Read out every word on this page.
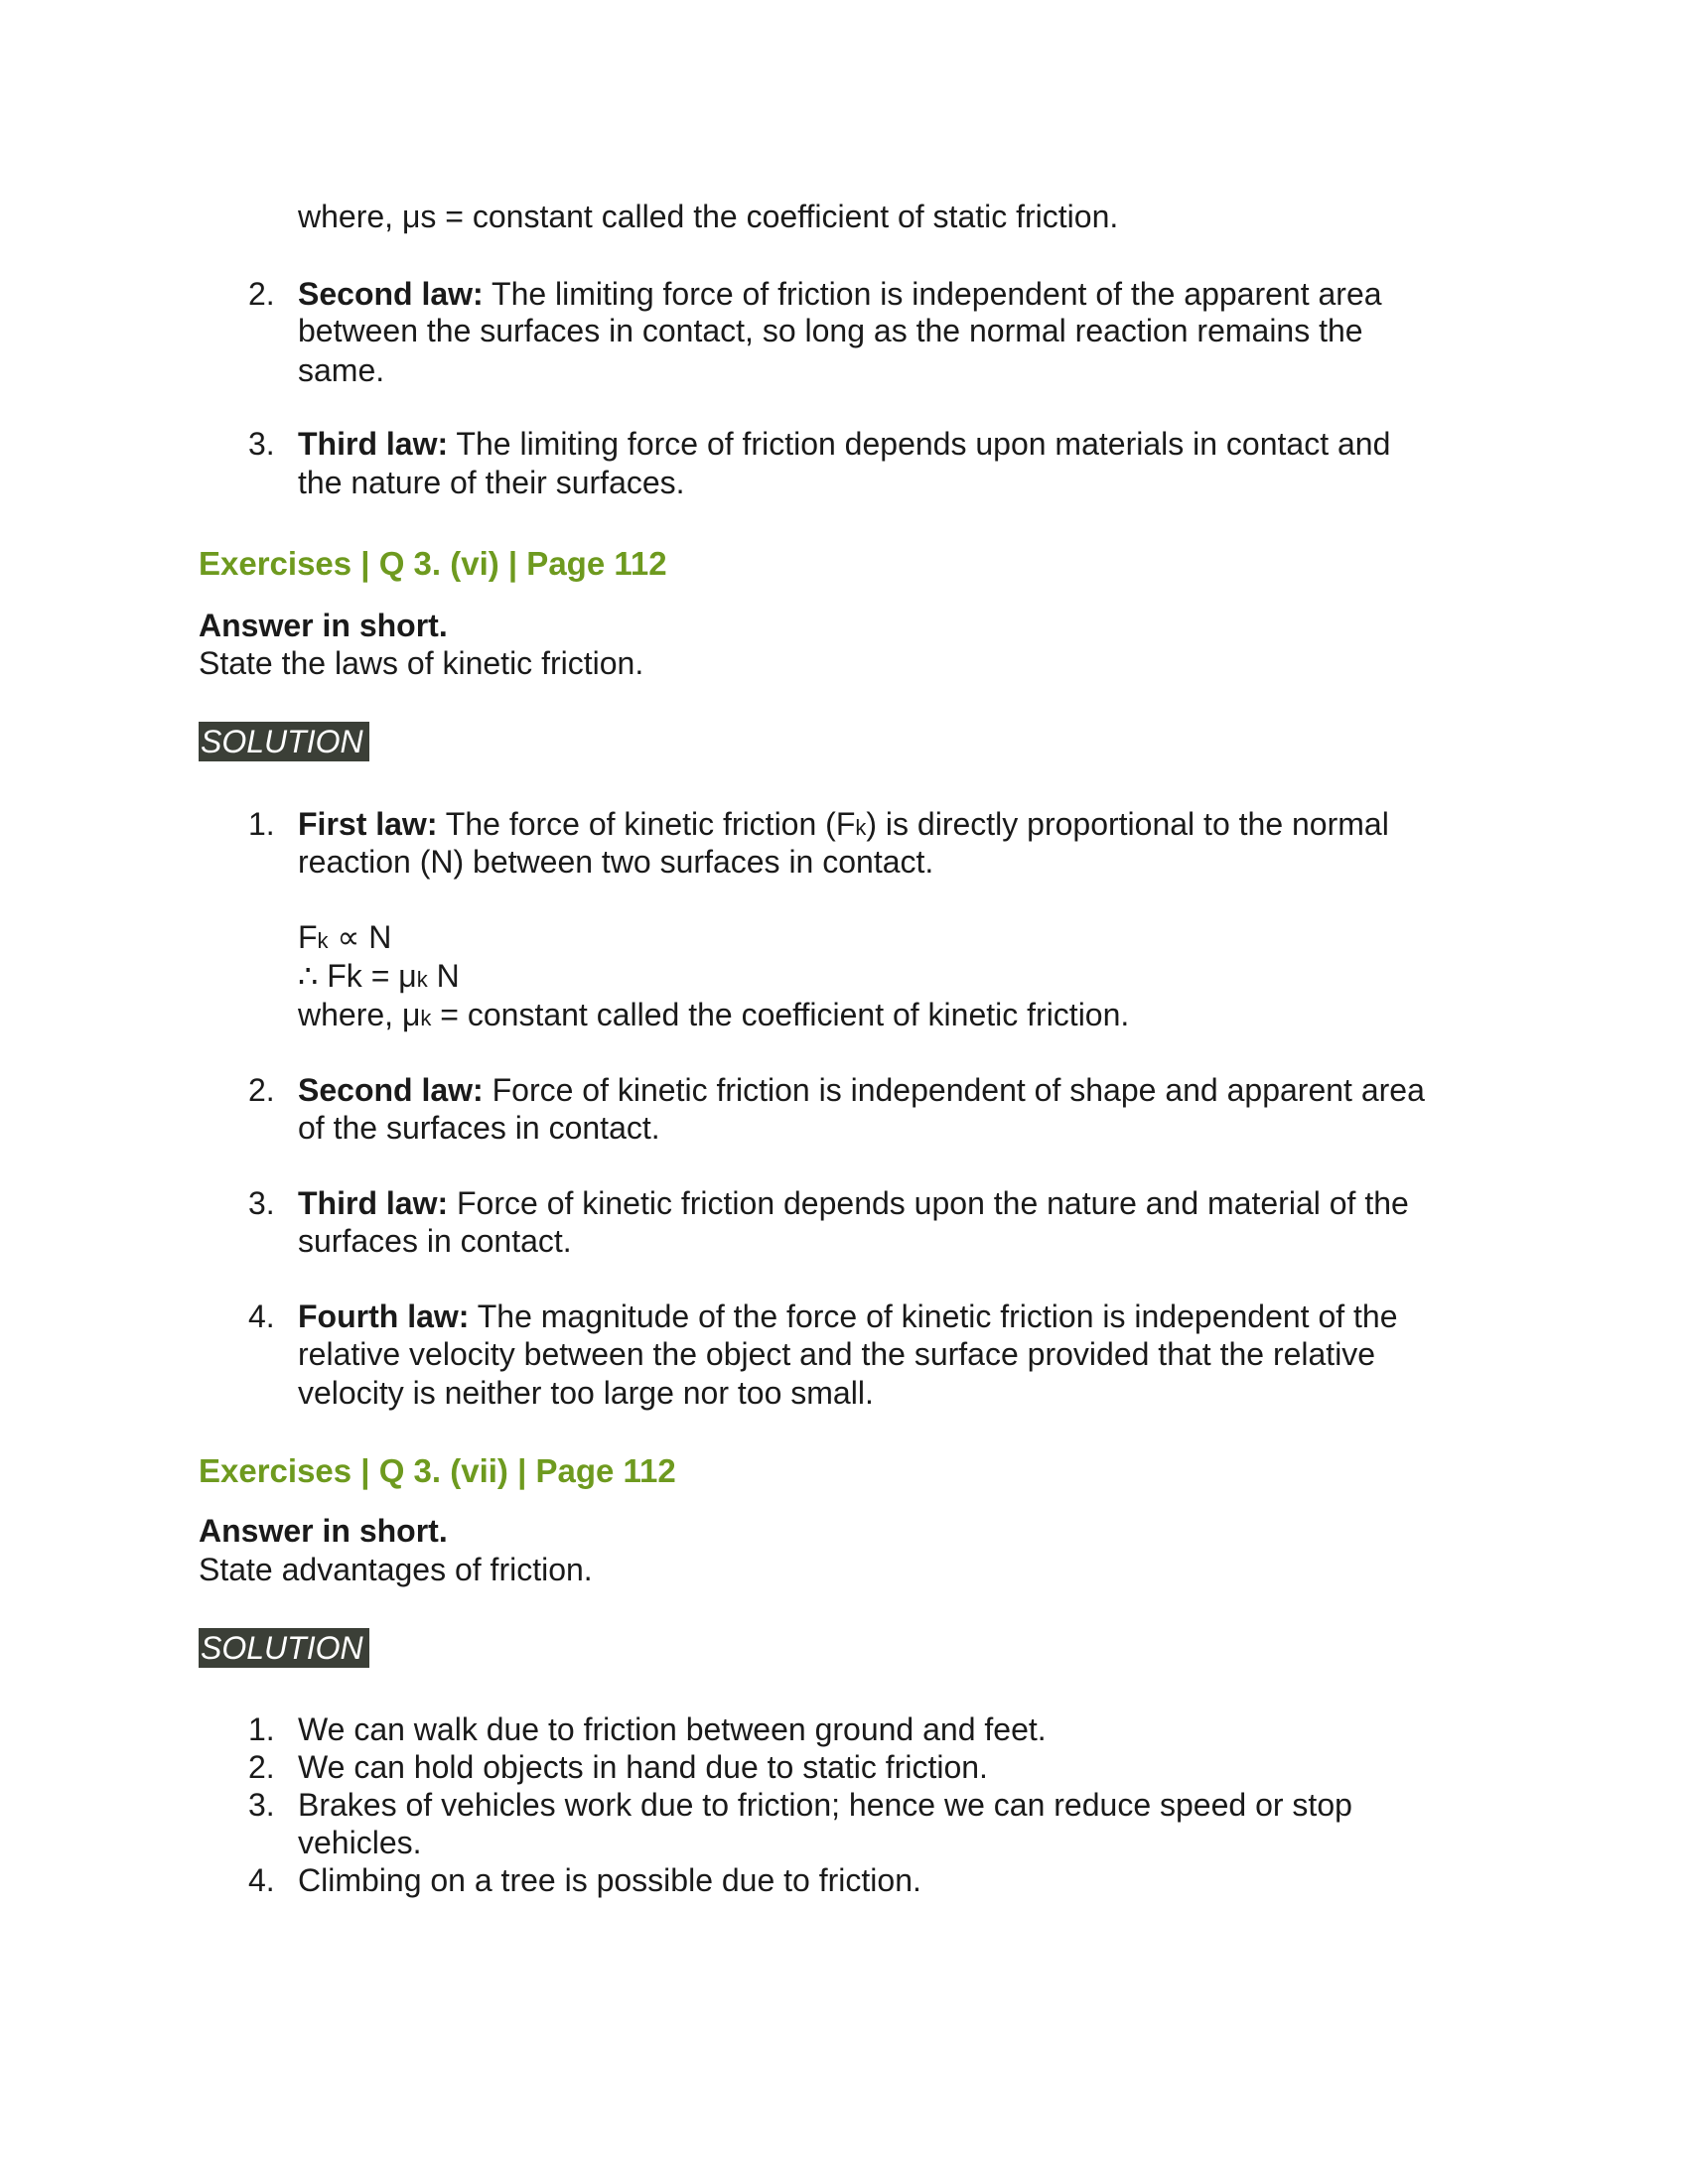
where, μs = constant called the coefficient of static friction.
2. Second law: The limiting force of friction is independent of the apparent area
between the surfaces in contact, so long as the normal reaction remains the
same.
3. Third law: The limiting force of friction depends upon materials in contact and
the nature of their surfaces.
Exercises | Q 3. (vi) | Page 112
Answer in short.
State the laws of kinetic friction.
SOLUTION
1. First law: The force of kinetic friction (Fk) is directly proportional to the normal
reaction (N) between two surfaces in contact.
Fk ∝ N
∴ Fk = μk N
where, μk = constant called the coefficient of kinetic friction.
2. Second law: Force of kinetic friction is independent of shape and apparent area
of the surfaces in contact.
3. Third law: Force of kinetic friction depends upon the nature and material of the
surfaces in contact.
4. Fourth law: The magnitude of the force of kinetic friction is independent of the
relative velocity between the object and the surface provided that the relative
velocity is neither too large nor too small.
Exercises | Q 3. (vii) | Page 112
Answer in short.
State advantages of friction.
SOLUTION
1. We can walk due to friction between ground and feet.
2. We can hold objects in hand due to static friction.
3. Brakes of vehicles work due to friction; hence we can reduce speed or stop
vehicles.
4. Climbing on a tree is possible due to friction.
